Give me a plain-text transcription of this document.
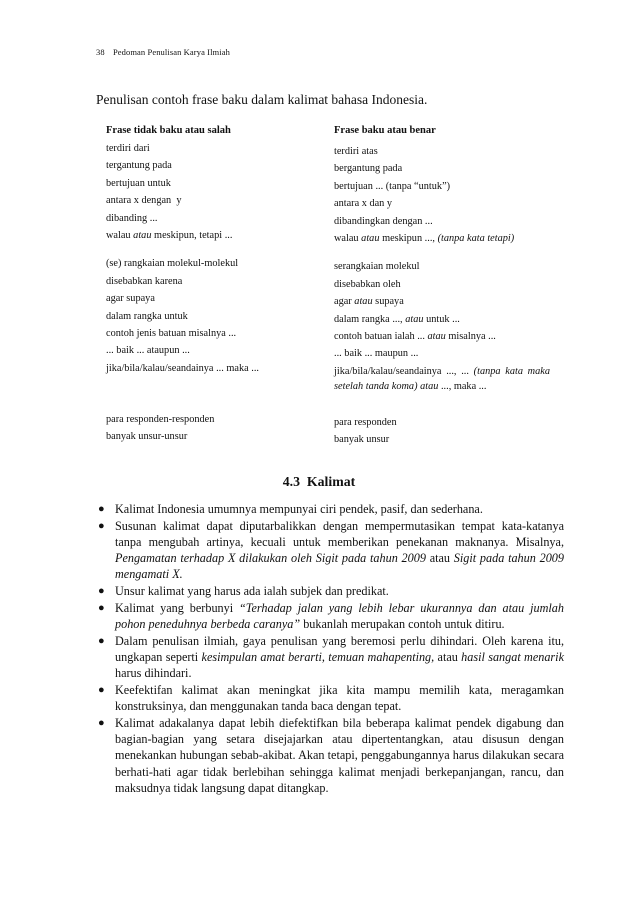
38 Pedoman Penulisan Karya Ilmiah
Penulisan contoh frase baku dalam kalimat bahasa Indonesia.
Frase tidak baku atau salah	Frase baku atau benar
terdiri dari	terdiri atas
tergantung pada	bergantung pada
bertujuan untuk	bertujuan ... (tanpa “untuk”)
antara x dengan  y	antara x dan y
dibanding ...	dibandingkan dengan ...
walau atau meskipun, tetapi ...	walau atau meskipun ..., (tanpa kata tetapi)
(se) rangkaian molekul-molekul	serangkaian molekul
disebabkan karena	disebabkan oleh
agar supaya	agar atau supaya
dalam rangka untuk	dalam rangka ..., atau untuk ...
contoh jenis batuan misalnya ...	contoh batuan ialah ... atau misalnya ...
... baik ... ataupun ...	... baik ... maupun ...
jika/bila/kalau/seandainya ... maka ...	jika/bila/kalau/seandainya ..., ... (tanpa kata maka setelah tanda koma) atau ..., maka ...
para responden-responden	para responden
banyak unsur-unsur	banyak unsur
4.3  Kalimat
● Kalimat Indonesia umumnya mempunyai ciri pendek, pasif, dan sederhana.
● Susunan kalimat dapat diputarbalikkan dengan mempermutasikan tempat kata-katanya tanpa mengubah artinya, kecuali untuk memberikan penekanan maknanya. Misalnya, Pengamatan terhadap X dilakukan oleh Sigit pada tahun 2009 atau Sigit pada tahun 2009 mengamati X.
● Unsur kalimat yang harus ada ialah subjek dan predikat.
● Kalimat yang berbunyi “Terhadap jalan yang lebih lebar ukurannya dan atau jumlah pohon peneduhnya berbeda caranya” bukanlah merupakan contoh untuk ditiru.
● Dalam penulisan ilmiah, gaya penulisan yang beremosi perlu dihindari. Oleh karena itu, ungkapan seperti kesimpulan amat berarti, temuan mahapenting, atau hasil sangat menarik harus dihindari.
● Keefektifan kalimat akan meningkat jika kita mampu memilih kata, meragamkan konstruksinya, dan menggunakan tanda baca dengan tepat.
● Kalimat adakalanya dapat lebih diefektifkan bila beberapa kalimat pendek digabung dan bagian-bagian yang setara disejajarkan atau dipertentangkan, atau disusun dengan menekankan hubungan sebab-akibat. Akan tetapi, penggabungannya harus dilakukan secara berhati-hati agar tidak berlebihan sehingga kalimat menjadi berkepanjangan, rancu, dan maksudnya tidak langsung dapat ditangkap.
